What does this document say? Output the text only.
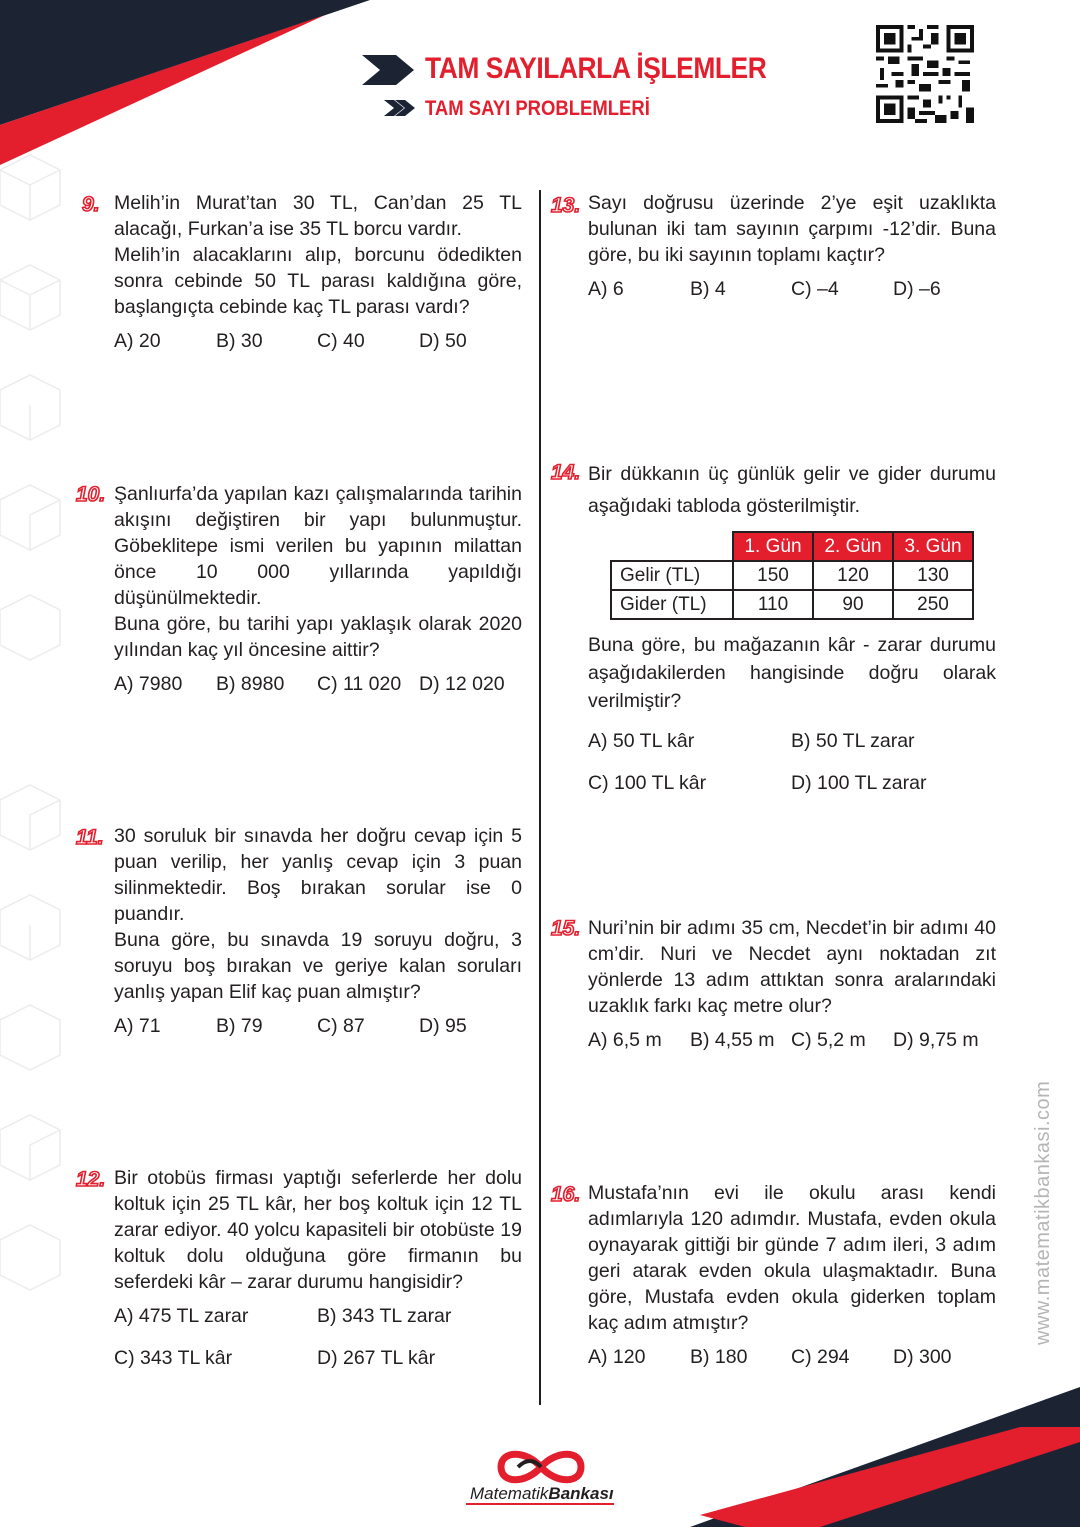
TAM SAYILARLA İŞLEMLER
TAM SAYI PROBLEMLERİ
9. Melih’in Murat’tan 30 TL, Can’dan 25 TL alacağı, Furkan’a ise 35 TL borcu vardır.

Melih’in alacaklarını alıp, borcunu ödedikten sonra cebinde 50 TL parası kaldığına göre, başlangıçta cebinde kaç TL parası vardı?

A) 20	B) 30	C) 40	D) 50
10. Şanlıurfa’da yapılan kazı çalışmalarında tarihin akışını değiştiren bir yapı bulunmuştur. Göbeklitepe ismi verilen bu yapının milattan önce 10 000 yıllarında yapıldığı düşünülmektedir.

Buna göre, bu tarihi yapı yaklaşık olarak 2020 yılından kaç yıl öncesine aittir?

A) 7980 B) 8980 C) 11 020 D) 12 020
11. 30 soruluk bir sınavda her doğru cevap için 5 puan verilip, her yanlış cevap için 3 puan silinmektedir. Boş bırakan sorular ise 0 puandır.

Buna göre, bu sınavda 19 soruyu doğru, 3 soruyu boş bırakan ve geriye kalan soruları yanlış yapan Elif kaç puan almıştır?

A) 71	B) 79	C) 87	D) 95
12. Bir otobüs firması yaptığı seferlerde her dolu koltuk için 25 TL kâr, her boş koltuk için 12 TL zarar ediyor. 40 yolcu kapasiteli bir otobüste 19 koltuk dolu olduğuna göre firmanın bu seferdeki kâr – zarar durumu hangisidir?

A) 475 TL zarar	B) 343 TL zarar
C) 343 TL kâr	D) 267 TL kâr
13. Sayı doğrusu üzerinde 2’ye eşit uzaklıkta bulunan iki tam sayının çarpımı -12’dir. Buna göre, bu iki sayının toplamı kaçtır?

A) 6	B) 4	C) –4	D) –6
14. Bir dükkanın üç günlük gelir ve gider durumu aşağıdaki tabloda gösterilmiştir.

	1. Gün	2. Gün	3. Gün
Gelir (TL)	150	120	130
Gider (TL)	110	90	250

Buna göre, bu mağazanın kâr - zarar durumu aşağıdakilerden hangisinde doğru olarak verilmiştir?

A) 50 TL kâr	B) 50 TL zarar
C) 100 TL kâr	D) 100 TL zarar
15. Nuri’nin bir adımı 35 cm, Necdet’in bir adımı 40 cm’dir. Nuri ve Necdet aynı noktadan zıt yönlerde 13 adım attıktan sonra aralarındaki uzaklık farkı kaç metre olur?

A) 6,5 m B) 4,55 m C) 5,2 m D) 9,75 m
16. Mustafa’nın evi ile okulu arası kendi adımlarıyla 120 adımdır. Mustafa, evden okula oynayarak gittiği bir günde 7 adım ileri, 3 adım geri atarak evden okula ulaşmaktadır. Buna göre, Mustafa evden okula giderken toplam kaç adım atmıştır?

A) 120 B) 180 C) 294 D) 300
www.matematikbankasi.com
MatematikBankası
